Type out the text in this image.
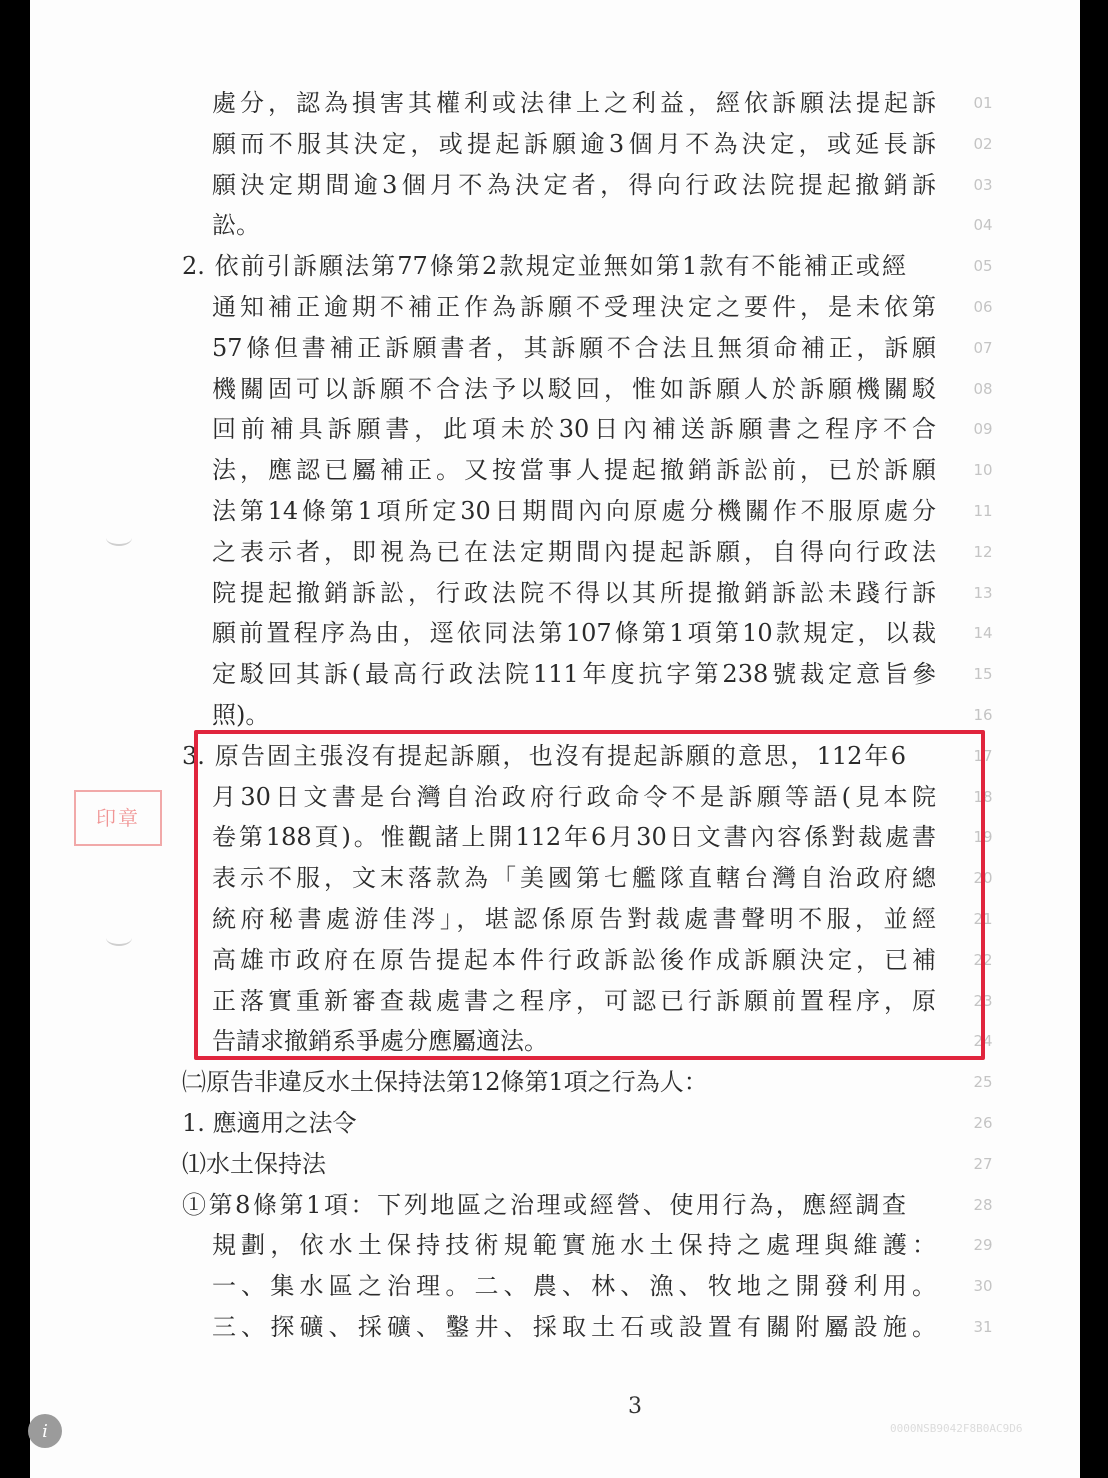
處分，認為損害其權利或法律上之利益，經依訴願法提起訴
願而不服其決定，或提起訴願逾3個月不為決定，或延長訴
願決定期間逾3個月不為決定者，得向行政法院提起撤銷訴
訟。
2. 依前引訴願法第77條第2款規定並無如第1款有不能補正或經
通知補正逾期不補正作為訴願不受理決定之要件，是未依第
57條但書補正訴願書者，其訴願不合法且無須命補正，訴願
機關固可以訴願不合法予以駁回，惟如訴願人於訴願機關駁
回前補具訴願書，此項未於30日內補送訴願書之程序不合
法，應認已屬補正。又按當事人提起撤銷訴訟前，已於訴願
法第14條第1項所定30日期間內向原處分機關作不服原處分
之表示者，即視為已在法定期間內提起訴願，自得向行政法
院提起撤銷訴訟，行政法院不得以其所提撤銷訴訟未踐行訴
願前置程序為由，逕依同法第107條第1項第10款規定，以裁
定駁回其訴(最高行政法院111年度抗字第238號裁定意旨參
照)。
3. 原告固主張沒有提起訴願，也沒有提起訴願的意思，112年6
月30日文書是台灣自治政府行政命令不是訴願等語(見本院
卷第188頁)。惟觀諸上開112年6月30日文書內容係對裁處書
表示不服，文末落款為「美國第七艦隊直轄台灣自治政府總
統府秘書處游佳涔」，堪認係原告對裁處書聲明不服，並經
高雄市政府在原告提起本件行政訴訟後作成訴願決定，已補
正落實重新審查裁處書之程序，可認已行訴願前置程序，原
告請求撤銷系爭處分應屬適法。
㈡原告非違反水土保持法第12條第1項之行為人：
1. 應適用之法令
⑴水土保持法
①第8條第1項：下列地區之治理或經營、使用行為，應經調查
規劃，依水土保持技術規範實施水土保持之處理與維護：
一、集水區之治理。二、農、林、漁、牧地之開發利用。
三、探礦、採礦、鑿井、採取土石或設置有關附屬設施。
01
02
03
04
05
06
07
08
09
10
11
12
13
14
15
16
17
18
19
20
21
22
23
24
25
26
27
28
29
30
31
印章
3
0000NSB9042F8B0AC9D6
i
